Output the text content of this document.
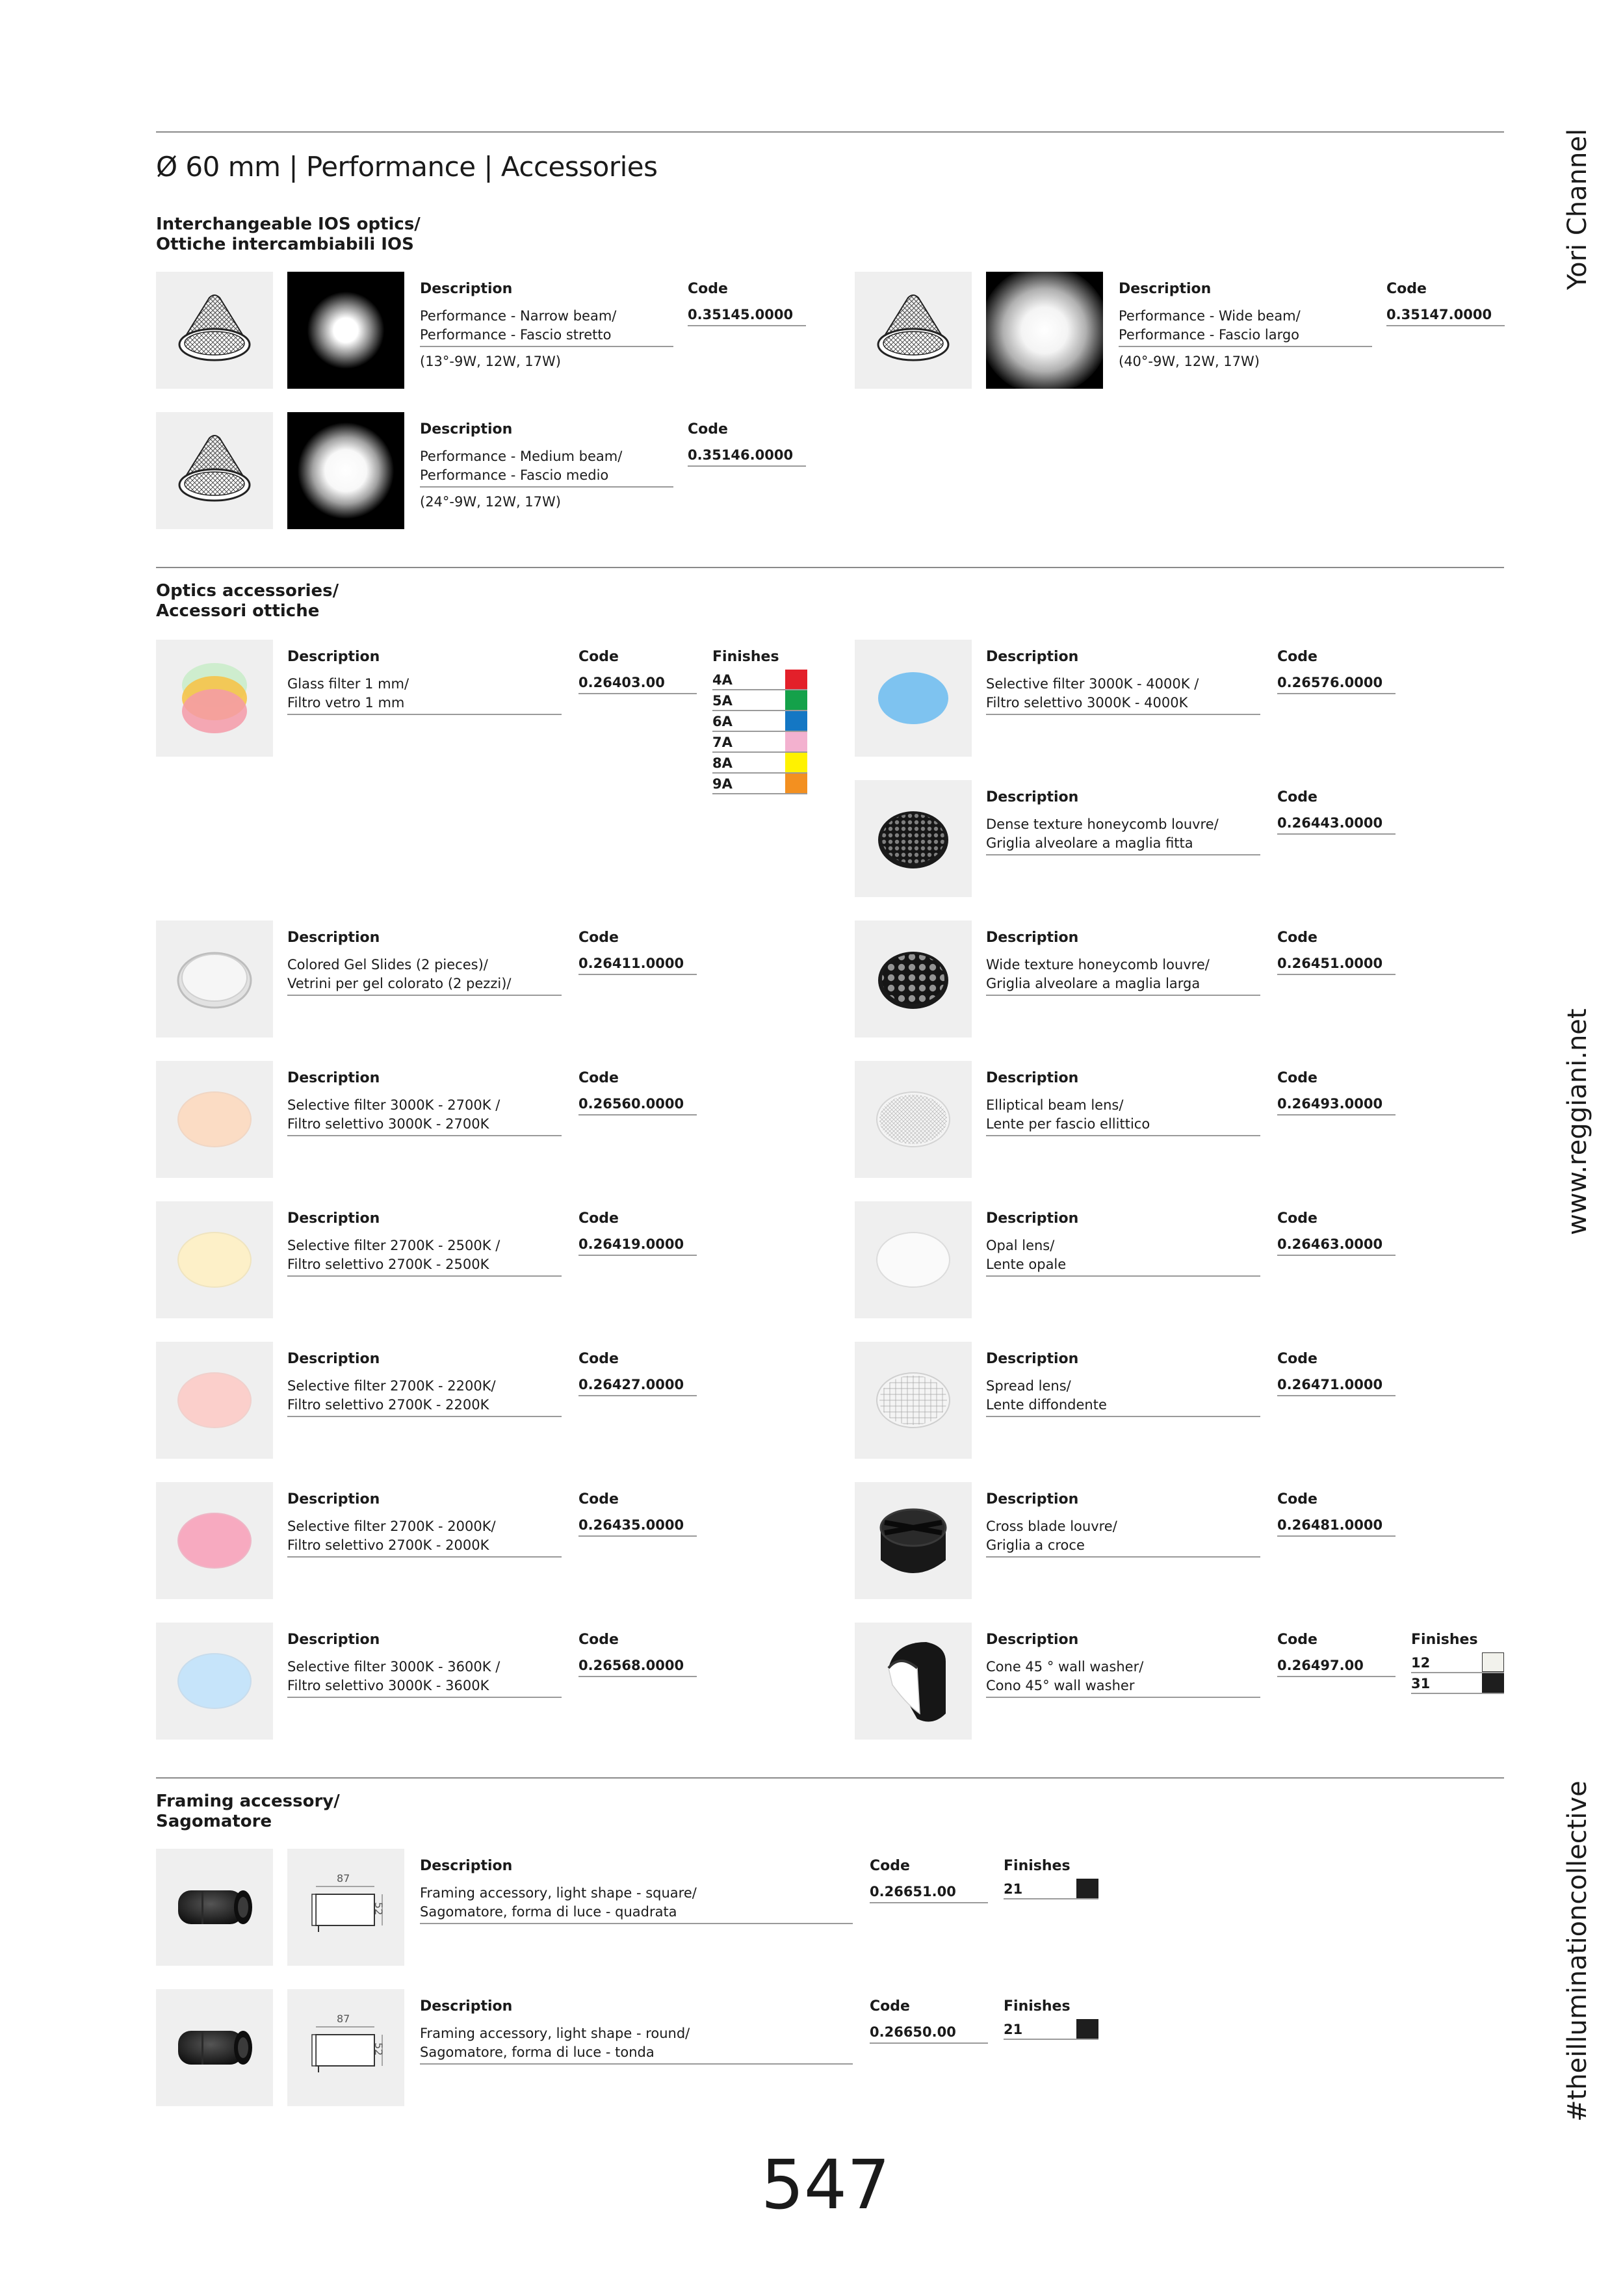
Ø 60 mm | Performance | Accessories	Yori Channel
www.reggiani.net
#theilluminationcollective
Interchangeable IOS optics/
Ottiche intercambiabili IOS
Description
Performance - Narrow beam/
Performance - Fascio stretto
(13°-9W, 12W, 17W)
Code
0.35145.0000
Description
Performance - Wide beam/
Performance - Fascio largo
(40°-9W, 12W, 17W)
Code
0.35147.0000
Description
Performance - Medium beam/
Performance - Fascio medio
(24°-9W, 12W, 17W)
Code
0.35146.0000
Optics accessories/
Accessori ottiche
Description
Glass filter 1 mm/
Filtro vetro 1 mm
Code
0.26403.00
Finishes
4A
5A
6A
7A
8A
9A
Description
Selective filter 3000K - 4000K /
Filtro selettivo 3000K - 4000K
Code
0.26576.0000
Description
Dense texture honeycomb louvre/
Griglia alveolare a maglia fitta
Code
0.26443.0000
Description
Colored Gel Slides (2 pieces)/
Vetrini per gel colorato (2 pezzi)/
Code
0.26411.0000
Description
Wide texture honeycomb louvre/
Griglia alveolare a maglia larga
Code
0.26451.0000
Description
Selective filter 3000K - 2700K /
Filtro selettivo 3000K - 2700K
Code
0.26560.0000
Description
Elliptical beam lens/
Lente per fascio ellittico
Code
0.26493.0000
Description
Selective filter 2700K - 2500K /
Filtro selettivo 2700K - 2500K
Code
0.26419.0000
Description
Opal lens/
Lente opale
Code
0.26463.0000
Description
Selective filter 2700K - 2200K/
Filtro selettivo 2700K - 2200K
Code
0.26427.0000
Description
Spread lens/
Lente diffondente
Code
0.26471.0000
Description
Selective filter 2700K - 2000K/
Filtro selettivo 2700K - 2000K
Code
0.26435.0000
Description
Cross blade louvre/
Griglia a croce
Code
0.26481.0000
Description
Selective filter 3000K - 3600K /
Filtro selettivo 3000K - 3600K
Code
0.26568.0000
Description
Cone 45 ° wall washer/
Cono 45° wall washer
Code
0.26497.00
Finishes
12
31
Framing accessory/
Sagomatore
87
52
Description
Framing accessory, light shape - square/
Sagomatore, forma di luce - quadrata
Code
0.26651.00
Finishes
21
87
52
Description
Framing accessory, light shape - round/
Sagomatore, forma di luce - tonda
Code
0.26650.00
Finishes
21
547
